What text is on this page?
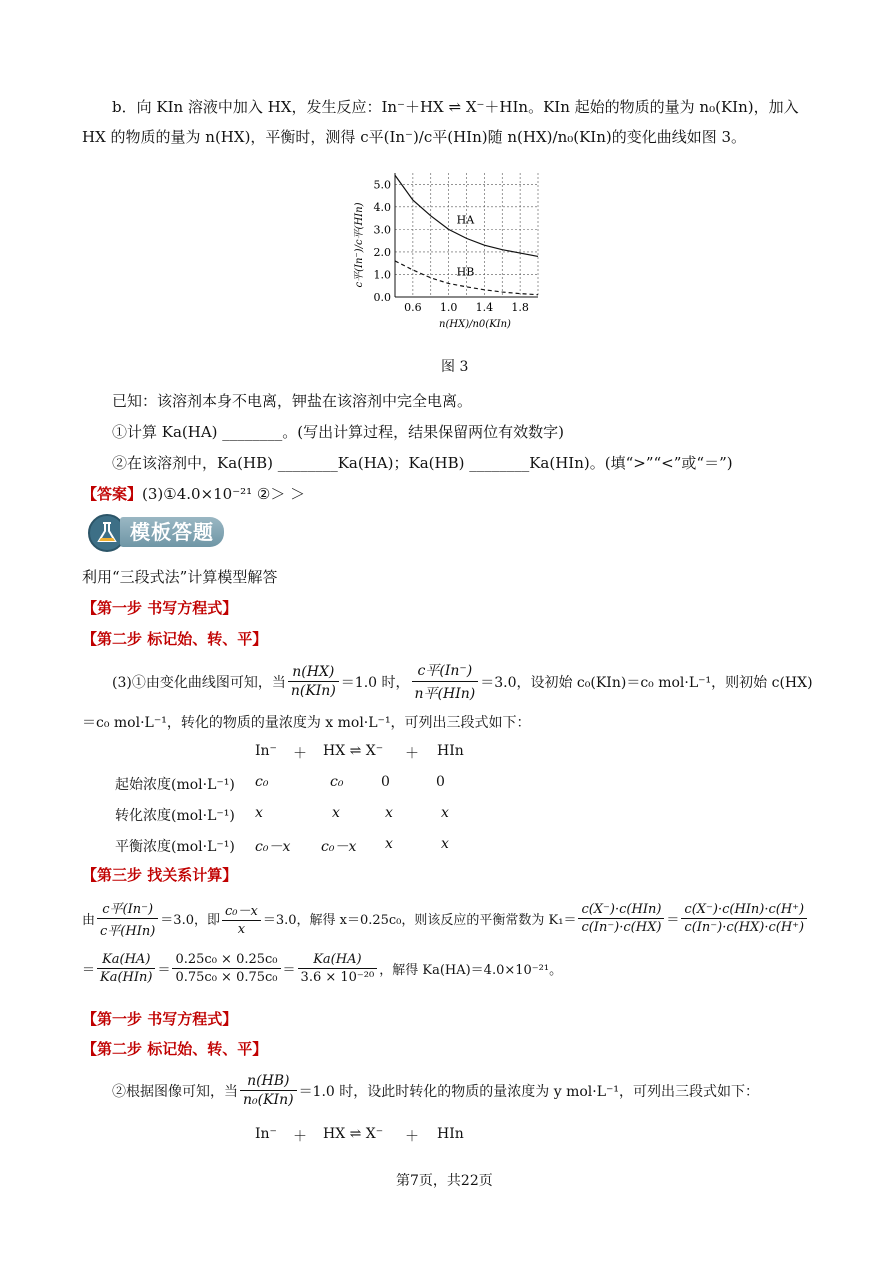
b．向 KIn 溶液中加入 HX，发生反应：In⁻＋HX ⇌ X⁻＋HIn。KIn 起始的物质的量为 n₀(KIn)，加入
HX 的物质的量为 n(HX)，平衡时，测得 c平(In⁻)/c平(HIn)随 n(HX)/n₀(KIn)的变化曲线如图 3。
0.0
1.0
2.0
3.0
4.0
5.0
0.6 1.0 1.4 1.8
HA
HB
c平(In⁻)/c平(HIn)
n(HX)/n0(KIn)
图 3
已知：该溶剂本身不电离，钾盐在该溶剂中完全电离。
①计算 Ka(HA) ________。(写出计算过程，结果保留两位有效数字)
②在该溶剂中，Ka(HB) ________Ka(HA)；Ka(HB) ________Ka(HIn)。(填“>”“<”或“＝”)
【答案】(3)①4.0×10⁻²¹ ②＞ ＞
模板答题
利用“三段式法”计算模型解答
【第一步 书写方程式】
【第二步 标记始、转、平】
(3)①由变化曲线图可知，当 $\frac{n(HX)}{\text{n(KIn)}} =1.0$ 时， $\frac{\text{c平(In⁻)}}{\text{n平(HIn)}} =3.0$，设初始 c₀(KIn)＝c₀ mol·L⁻¹，则初始 c(HX)
＝c₀ mol·L⁻¹，转化的物质的量浓度为 x mol·L⁻¹，可列出三段式如下：
In⁻ ＋ HX ⇌ X⁻ ＋ HIn
起始浓度(mol·L⁻¹) c₀	c₀	0	0
转化浓度(mol·L⁻¹) x	x	x	x
平衡浓度(mol·L⁻¹) c₀－x c₀－x x	x
【第三步 找关系计算】
由 $\frac{\text{c平(In⁻)}}{\text{c平(HIn)}} =3.0$，即 $\frac{\text{c₀－x}}{x} =3.0$，解得 x＝0.25c₀，则该反应的平衡常数为 $K_1= \frac{\text{c(X⁻)·c(HIn)}}{c(In^-)\cdot c(HX)} = \frac{\text{c(X⁻)·c(HIn)·c(H⁺)}}{c(In^-)\cdot c(HX)\cdot c(H^+)}$
＝ $\frac{Ka(HA)}{\text{Ka(HIn)}} = \frac{\text{0.25c₀ × 0.25c₀}}{\text{0.75c₀ × 0.75c₀}} = \frac{Ka(HA)}{\text{3.6 × 10⁻²⁰}}$ ，解得 Ka(HA)＝4.0×10⁻²¹。
【第一步 书写方程式】
【第二步 标记始、转、平】
②根据图像可知，当 $\frac{n(HB)}{\text{n₀(KIn)}} =1.0$ 时，设此时转化的物质的量浓度为 y mol·L⁻¹，可列出三段式如下：
In⁻ ＋ HX ⇌ X⁻ ＋ HIn
第7页，共22页
